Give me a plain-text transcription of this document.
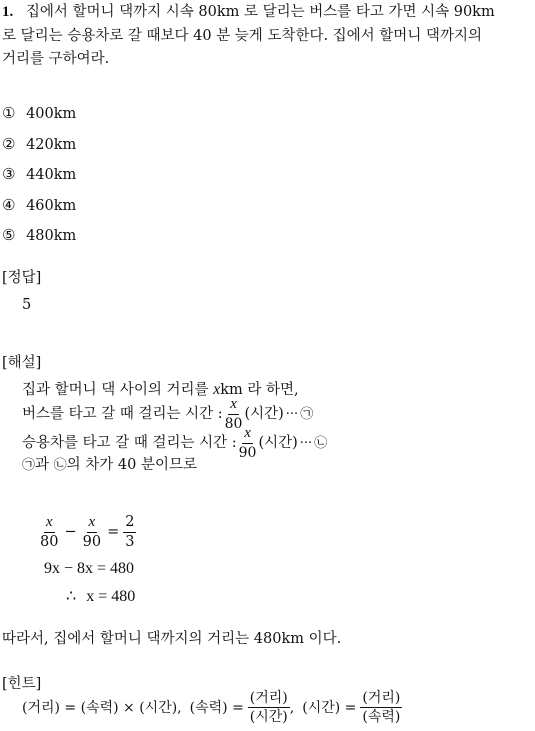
1. 집에서 할머니 댁까지 시속 80km 로 달리는 버스를 타고 가면 시속 90km
로 달리는 승용차로 갈 때보다 40 분 늦게 도착한다. 집에서 할머니 댁까지의
거리를 구하여라.
① 400km
② 420km
③ 440km
④ 460km
⑤ 480km
[정답]
5
[해설]
집과 할머니 댁 사이의 거리를 xkm 라 하면,
버스를 타고 갈 때 걸리는 시간 : $\frac{x}{80}$ (시간) ··· ㉠
승용차를 타고 갈 때 걸리는 시간 : $\frac{x}{90}$ (시간) ··· ㉡
㉠과 ㉡의 차가 40 분이므로
$\frac{x}{80} - \frac{x}{90} = \frac{2}{3}$
9x − 8x = 480
∴ x = 480
따라서, 집에서 할머니 댁까지의 거리는 480km 이다.
[힌트]
(거리) = (속력) × (시간), (속력) = $\frac{\text{(거리)}}{\text{(시간)}}$ , (시간) = $\frac{\text{(거리)}}{\text{(속력)}}$
